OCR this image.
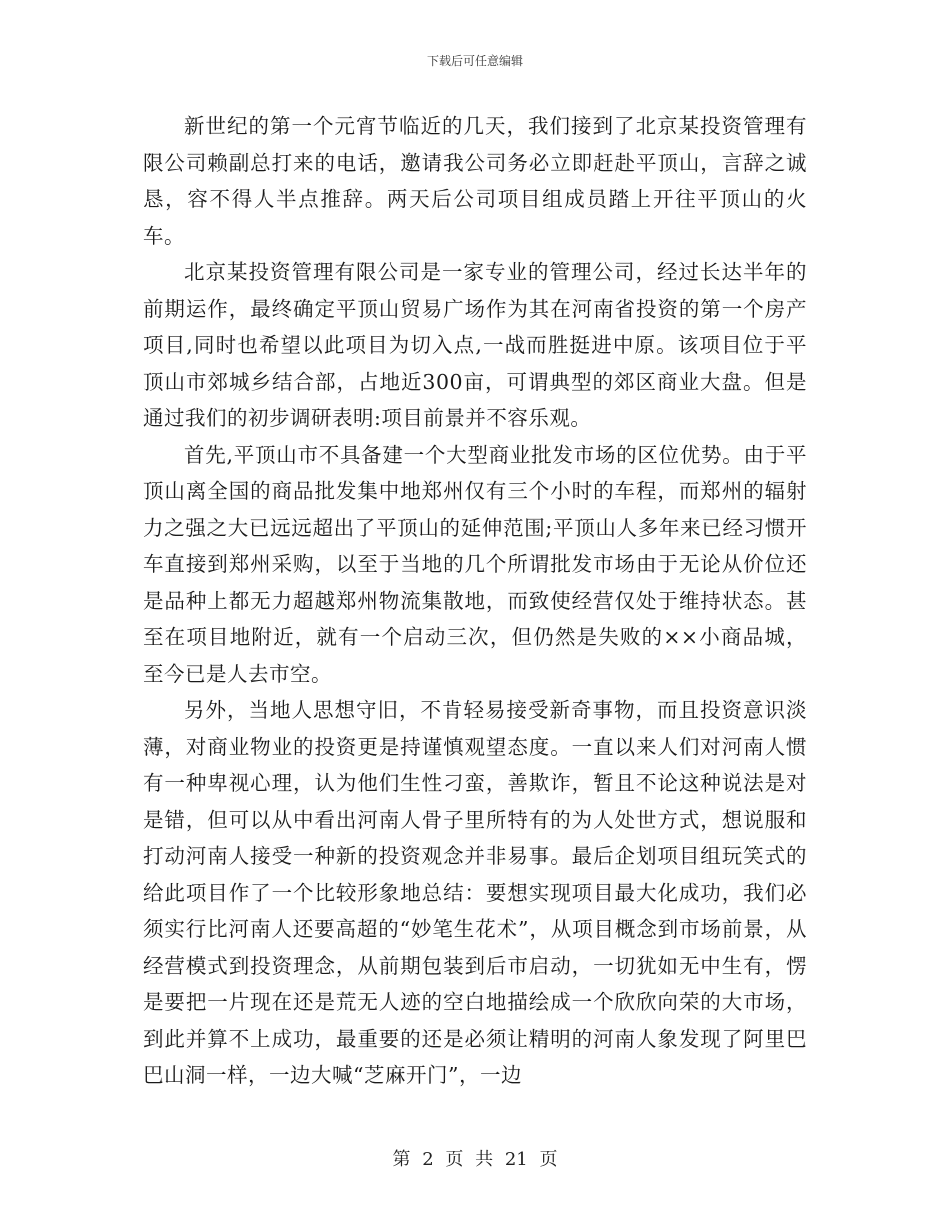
下载后可任意编辑

新世纪的第一个元宵节临近的几天，我们接到了北京某投资管理有限公司赖副总打来的电话，邀请我公司务必立即赶赴平顶山，言辞之诚恳，容不得人半点推辞。两天后公司项目组成员踏上开往平顶山的火车。

北京某投资管理有限公司是一家专业的管理公司，经过长达半年的前期运作，最终确定平顶山贸易广场作为其在河南省投资的第一个房产项目,同时也希望以此项目为切入点,一战而胜挺进中原。该项目位于平顶山市郊城乡结合部，占地近300亩，可谓典型的郊区商业大盘。但是通过我们的初步调研表明:项目前景并不容乐观。

首先,平顶山市不具备建一个大型商业批发市场的区位优势。由于平顶山离全国的商品批发集中地郑州仅有三个小时的车程，而郑州的辐射力之强之大已远远超出了平顶山的延伸范围;平顶山人多年来已经习惯开车直接到郑州采购，以至于当地的几个所谓批发市场由于无论从价位还是品种上都无力超越郑州物流集散地，而致使经营仅处于维持状态。甚至在项目地附近，就有一个启动三次，但仍然是失败的××小商品城，至今已是人去市空。

另外，当地人思想守旧，不肯轻易接受新奇事物，而且投资意识淡薄，对商业物业的投资更是持谨慎观望态度。一直以来人们对河南人惯有一种卑视心理，认为他们生性刁蛮，善欺诈，暂且不论这种说法是对是错，但可以从中看出河南人骨子里所特有的为人处世方式，想说服和打动河南人接受一种新的投资观念并非易事。最后企划项目组玩笑式的给此项目作了一个比较形象地总结：要想实现项目最大化成功，我们必须实行比河南人还要高超的“妙笔生花术”，从项目概念到市场前景，从经营模式到投资理念，从前期包装到后市启动，一切犹如无中生有，愣是要把一片现在还是荒无人迹的空白地描绘成一个欣欣向荣的大市场，到此并算不上成功，最重要的还是必须让精明的河南人象发现了阿里巴巴山洞一样，一边大喊“芝麻开门”，一边

第 2 页 共 21 页
